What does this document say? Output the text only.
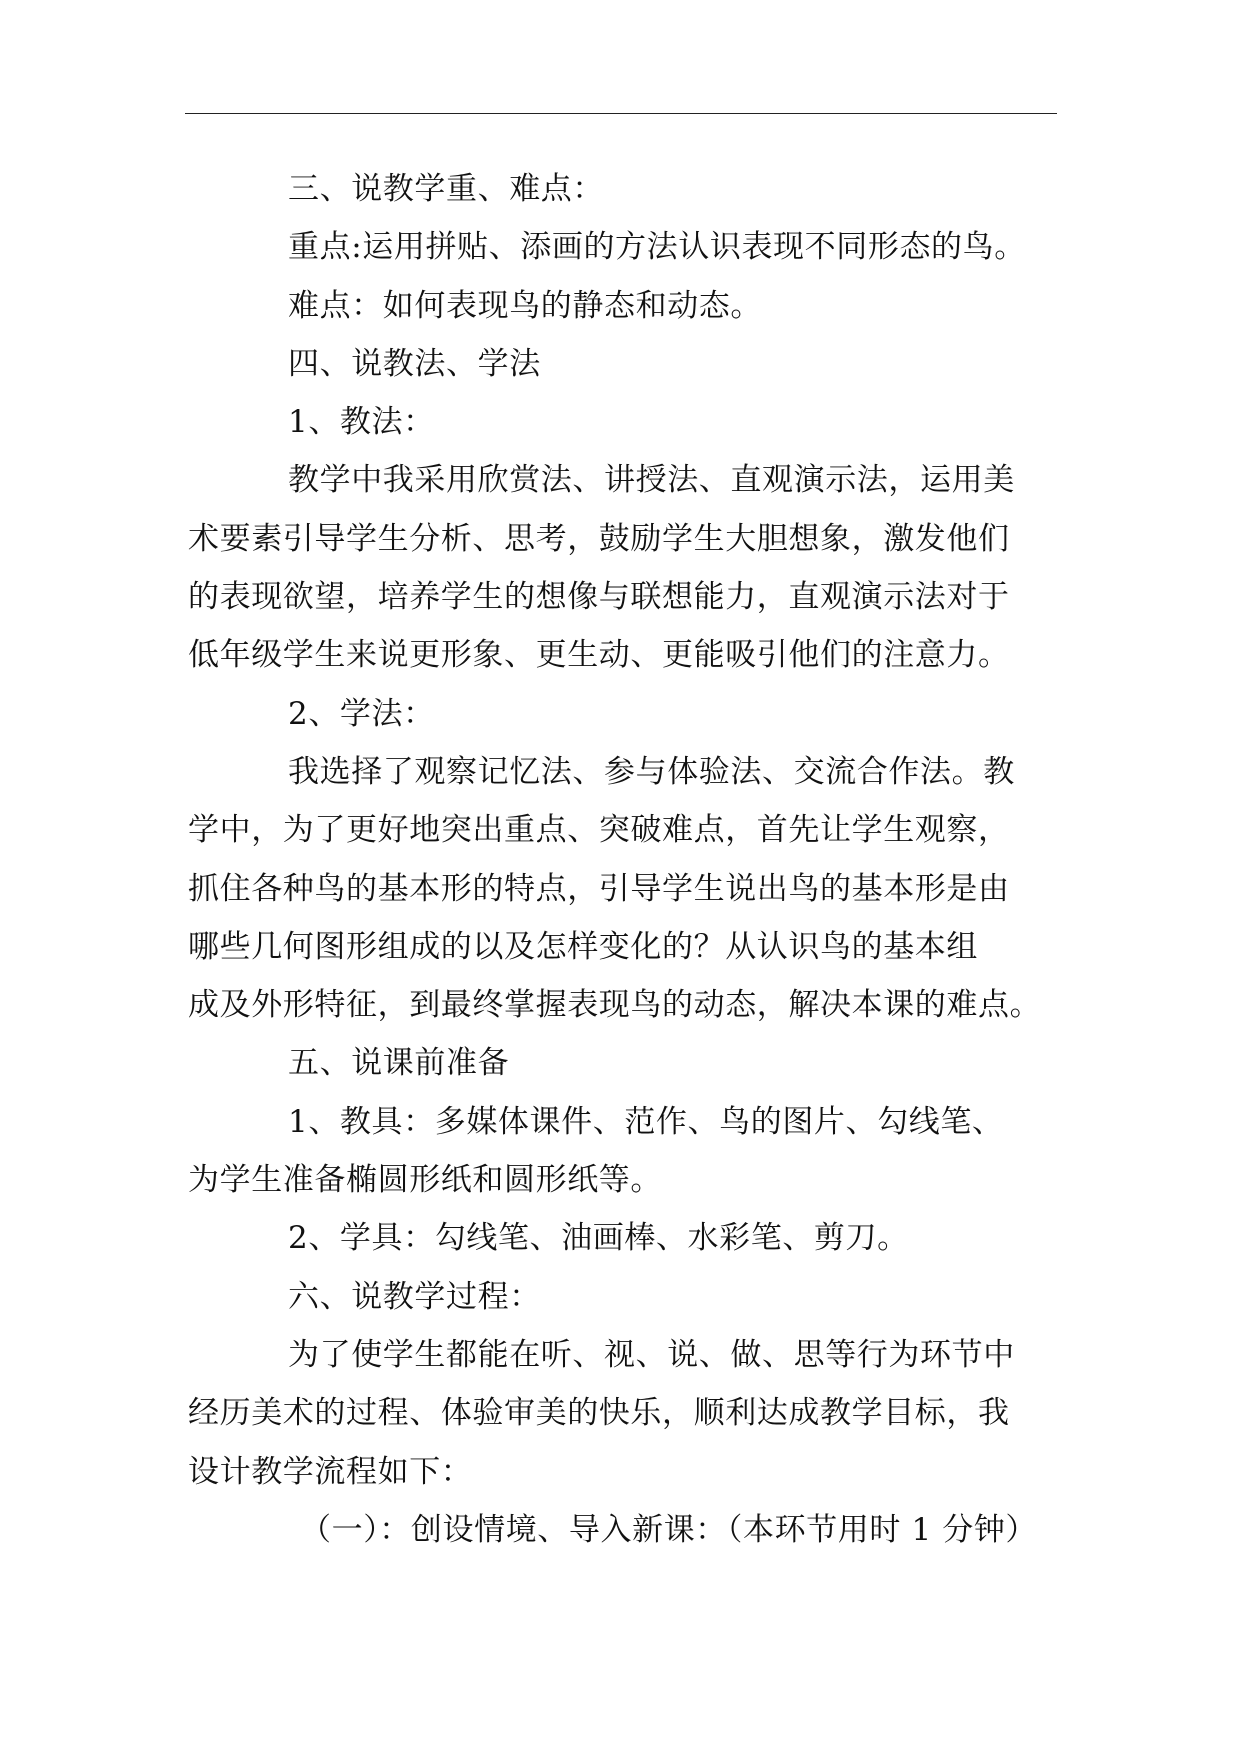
三、说教学重、难点：

重点:运用拼贴、添画的方法认识表现不同形态的鸟。

难点：如何表现鸟的静态和动态。

四、说教法、学法

1、教法：

教学中我采用欣赏法、讲授法、直观演示法，运用美

术要素引导学生分析、思考，鼓励学生大胆想象，激发他们

的表现欲望，培养学生的想像与联想能力，直观演示法对于

低年级学生来说更形象、更生动、更能吸引他们的注意力。

2、学法：

我选择了观察记忆法、参与体验法、交流合作法。教

学中，为了更好地突出重点、突破难点，首先让学生观察，

抓住各种鸟的基本形的特点，引导学生说出鸟的基本形是由

哪些几何图形组成的以及怎样变化的？从认识鸟的基本组

成及外形特征，到最终掌握表现鸟的动态，解决本课的难点。

五、说课前准备

1、教具：多媒体课件、范作、鸟的图片、勾线笔、

为学生准备椭圆形纸和圆形纸等。

2、学具：勾线笔、油画棒、水彩笔、剪刀。

六、说教学过程：

为了使学生都能在听、视、说、做、思等行为环节中

经历美术的过程、体验审美的快乐，顺利达成教学目标，我

设计教学流程如下：

（一）：创设情境、导入新课：（本环节用时 1 分钟）
